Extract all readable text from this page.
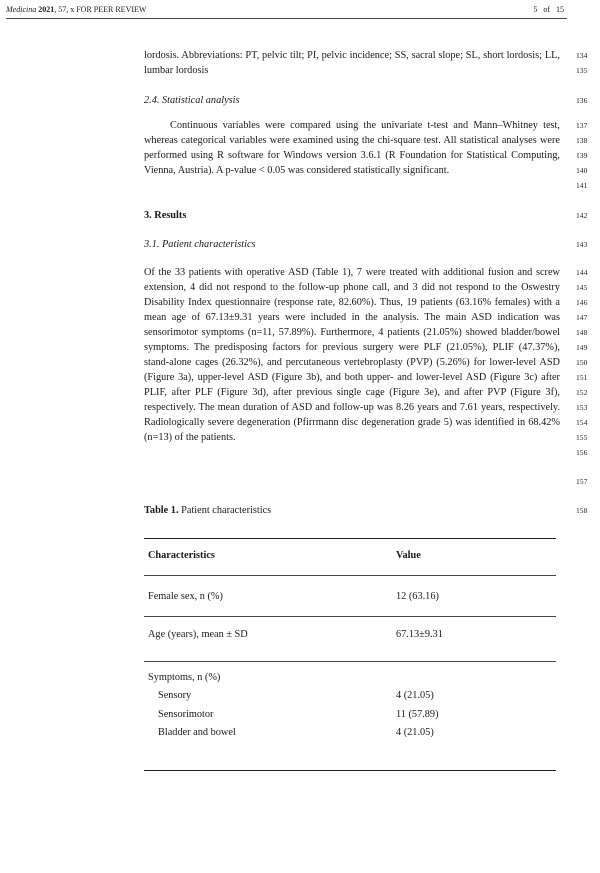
Medicina 2021, 57, x FOR PEER REVIEW	5 of 15
lordosis. Abbreviations: PT, pelvic tilt; PI, pelvic incidence; SS, sacral slope; SL, short lordosis; LL, lumbar lordosis
134
135
2.4. Statistical analysis	136
Continuous variables were compared using the univariate t-test and Mann–Whitney test, whereas categorical variables were examined using the chi-square test. All statistical analyses were performed using R software for Windows version 3.6.1 (R Foundation for Statistical Computing, Vienna, Austria). A p-value < 0.05 was considered statistically significant.
137
138
139
140
141
3. Results	142
3.1. Patient characteristics	143
Of the 33 patients with operative ASD (Table 1), 7 were treated with additional fusion and screw extension, 4 did not respond to the follow-up phone call, and 3 did not respond to the Oswestry Disability Index questionnaire (response rate, 82.60%). Thus, 19 patients (63.16% females) with a mean age of 67.13±9.31 years were included in the analysis. The main ASD indication was sensorimotor symptoms (n=11, 57.89%). Furthermore, 4 patients (21.05%) showed bladder/bowel symptoms. The predisposing factors for previous surgery were PLF (21.05%), PLIF (47.37%), stand-alone cages (26.32%), and percutaneous vertebroplasty (PVP) (5.26%) for lower-level ASD (Figure 3a), upper-level ASD (Figure 3b), and both upper- and lower-level ASD (Figure 3c) after PLIF, after PLF (Figure 3d), after previous single cage (Figure 3e), and after PVP (Figure 3f), respectively. The mean duration of ASD and follow-up was 8.26 years and 7.61 years, respectively. Radiologically severe degeneration (Pfirrmann disc degeneration grade 5) was identified in 68.42% (n=13) of the patients.
144
145
146
147
148
149
150
151
152
153
154
155
156
157
Table 1. Patient characteristics	158
Characteristics	Value
Female sex, n (%)	12 (63.16)
Age (years), mean ± SD	67.13±9.31
Symptoms, n (%)
Sensory	4 (21.05)
Sensorimotor	11 (57.89)
Bladder and bowel	4 (21.05)
